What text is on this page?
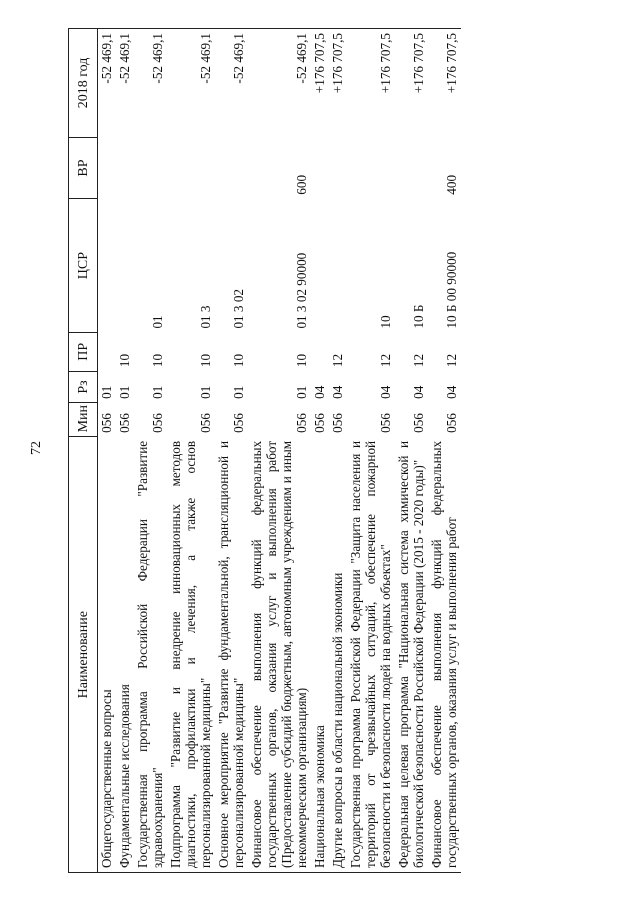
72
Наименование	Мин	Рз	ПР	ЦСР	ВР	2018 год
Общегосударственные вопросы	056	01				-52 469,1
Фундаментальные исследования	056	01	10			-52 469,1
Государственная программа Российской Федерации "Развитие здравоохранения"	056	01	10	01		-52 469,1
Подпрограмма "Развитие и внедрение инновационных методов диагностики, профилактики и лечения, а также основ персонализированной медицины"	056	01	10	01 3		-52 469,1
Основное мероприятие "Развитие фундаментальной, трансляционной и персонализированной медицины"	056	01	10	01 3 02		-52 469,1
Финансовое обеспечение выполнения функций федеральных государственных органов, оказания услуг и выполнения работ (Предоставление субсидий бюджетным, автономным учреждениям и иным некоммерческим организациям)	056	01	10	01 3 02 90000	600	-52 469,1
Национальная экономика	056	04				+176 707,5
Другие вопросы в области национальной экономики	056	04	12			+176 707,5
Государственная программа Российской Федерации "Защита населения и территорий от чрезвычайных ситуаций, обеспечение пожарной безопасности и безопасности людей на водных объектах"	056	04	12	10		+176 707,5
Федеральная целевая программа "Национальная система химической и биологической безопасности Российской Федерации (2015 - 2020 годы)"	056	04	12	10 Б		+176 707,5
Финансовое обеспечение выполнения функций федеральных государственных органов, оказания услуг и выполнения работ	056	04	12	10 Б 00 90000	400	+176 707,5
